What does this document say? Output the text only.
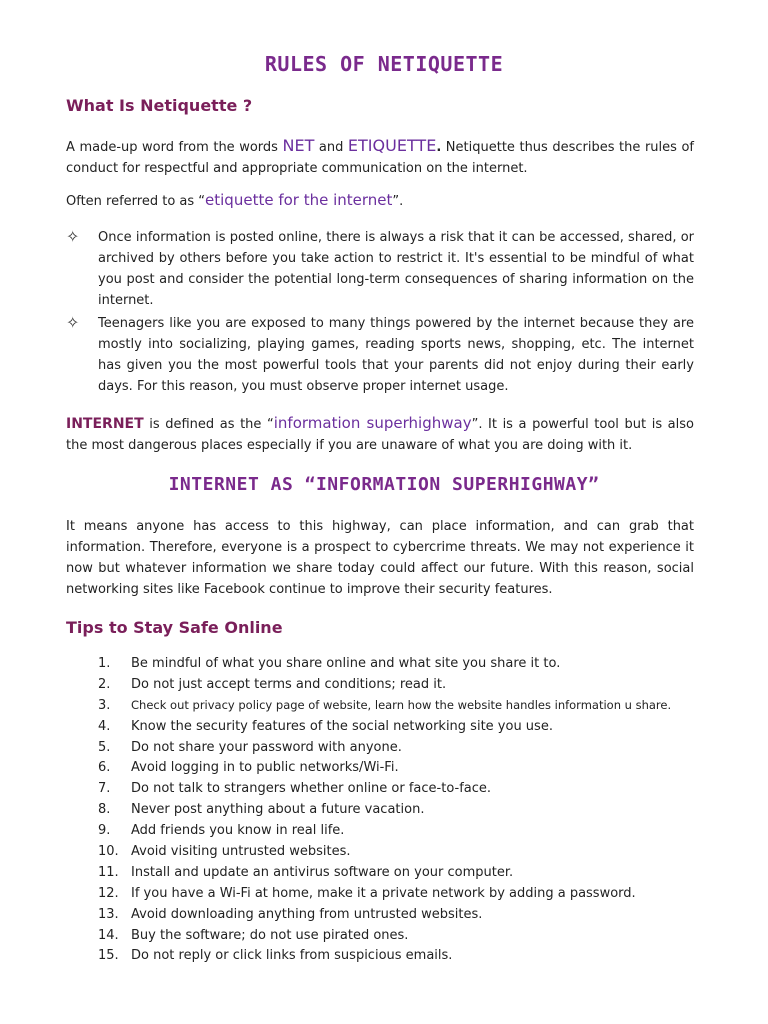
RULES OF NETIQUETTE
What Is Netiquette ?
A made-up word from the words NET and ETIQUETTE. Netiquette thus describes the rules of conduct for respectful and appropriate communication on the internet.
Often referred to as “etiquette for the internet”.
✧ Once information is posted online, there is always a risk that it can be accessed, shared, or archived by others before you take action to restrict it. It's essential to be mindful of what you post and consider the potential long-term consequences of sharing information on the internet.
✧ Teenagers like you are exposed to many things powered by the internet because they are mostly into socializing, playing games, reading sports news, shopping, etc. The internet has given you the most powerful tools that your parents did not enjoy during their early days. For this reason, you must observe proper internet usage.
INTERNET is defined as the “information superhighway”. It is a powerful tool but is also the most dangerous places especially if you are unaware of what you are doing with it.
INTERNET AS “INFORMATION SUPERHIGHWAY”
It means anyone has access to this highway, can place information, and can grab that information. Therefore, everyone is a prospect to cybercrime threats. We may not experience it now but whatever information we share today could affect our future. With this reason, social networking sites like Facebook continue to improve their security features.
Tips to Stay Safe Online
1. Be mindful of what you share online and what site you share it to.
2. Do not just accept terms and conditions; read it.
3. Check out privacy policy page of website, learn how the website handles information u share.
4. Know the security features of the social networking site you use.
5. Do not share your password with anyone.
6. Avoid logging in to public networks/Wi-Fi.
7. Do not talk to strangers whether online or face-to-face.
8. Never post anything about a future vacation.
9. Add friends you know in real life.
10. Avoid visiting untrusted websites.
11. Install and update an antivirus software on your computer.
12. If you have a Wi-Fi at home, make it a private network by adding a password.
13. Avoid downloading anything from untrusted websites.
14. Buy the software; do not use pirated ones.
15. Do not reply or click links from suspicious emails.
